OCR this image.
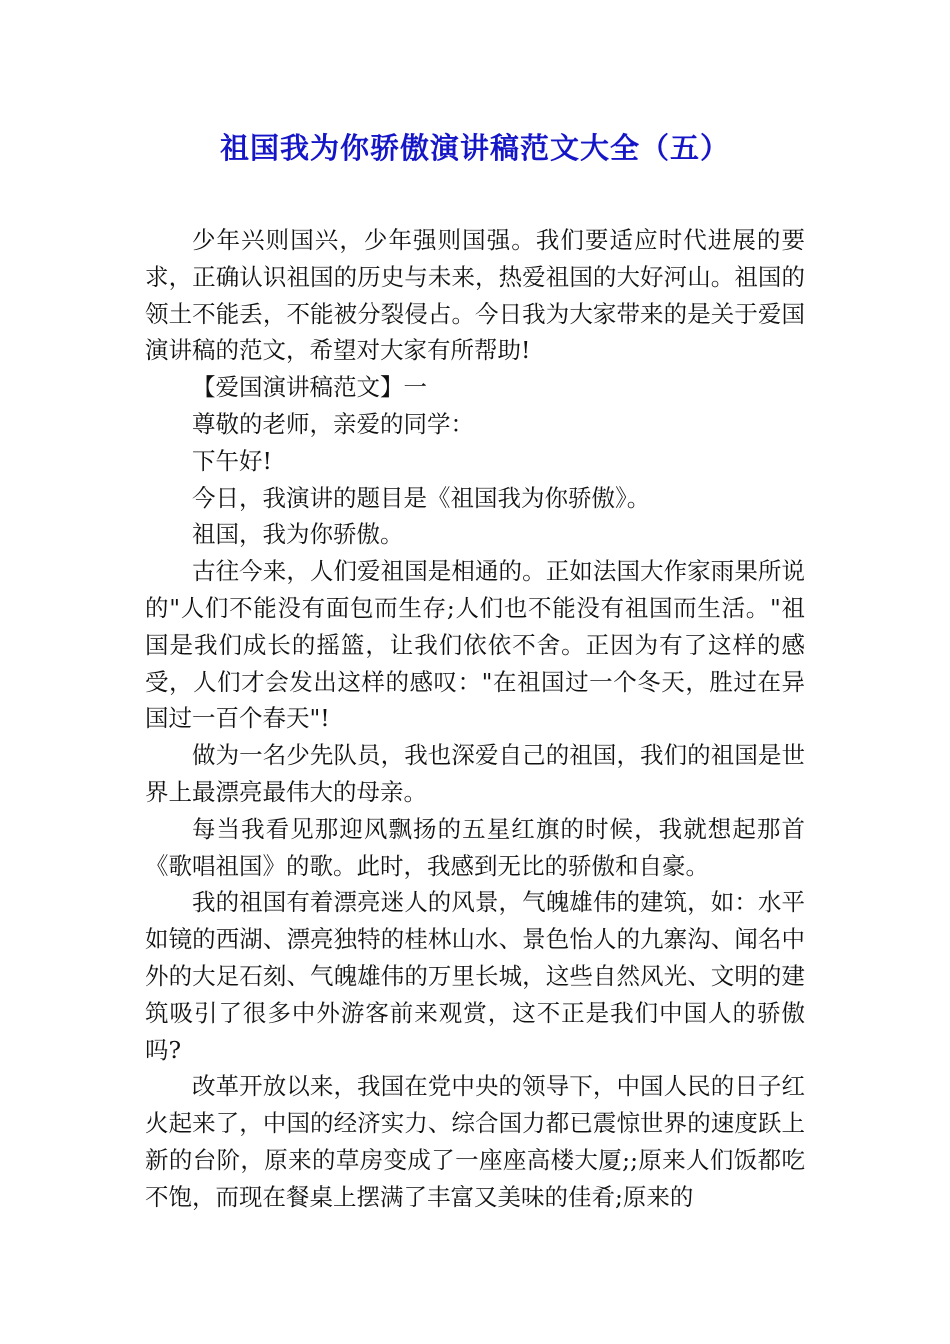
祖国我为你骄傲演讲稿范文大全（五）

少年兴则国兴，少年强则国强。我们要适应时代进展的要求，正确认识祖国的历史与未来，热爱祖国的大好河山。祖国的领土不能丢，不能被分裂侵占。今日我为大家带来的是关于爱国演讲稿的范文，希望对大家有所帮助!

【爱国演讲稿范文】一

尊敬的老师，亲爱的同学：

下午好!

今日，我演讲的题目是《祖国我为你骄傲》。

祖国，我为你骄傲。

古往今来，人们爱祖国是相通的。正如法国大作家雨果所说的"人们不能没有面包而生存;人们也不能没有祖国而生活。"祖国是我们成长的摇篮，让我们依依不舍。正因为有了这样的感受，人们才会发出这样的感叹："在祖国过一个冬天，胜过在异国过一百个春天"!

做为一名少先队员，我也深爱自己的祖国，我们的祖国是世界上最漂亮最伟大的母亲。

每当我看见那迎风飘扬的五星红旗的时候，我就想起那首《歌唱祖国》的歌。此时，我感到无比的骄傲和自豪。

我的祖国有着漂亮迷人的风景，气魄雄伟的建筑，如：水平如镜的西湖、漂亮独特的桂林山水、景色怡人的九寨沟、闻名中外的大足石刻、气魄雄伟的万里长城，这些自然风光、文明的建筑吸引了很多中外游客前来观赏，这不正是我们中国人的骄傲吗?

改革开放以来，我国在党中央的领导下，中国人民的日子红火起来了，中国的经济实力、综合国力都已震惊世界的速度跃上新的台阶，原来的草房变成了一座座高楼大厦;;原来人们饭都吃不饱，而现在餐桌上摆满了丰富又美味的佳肴;原来的
